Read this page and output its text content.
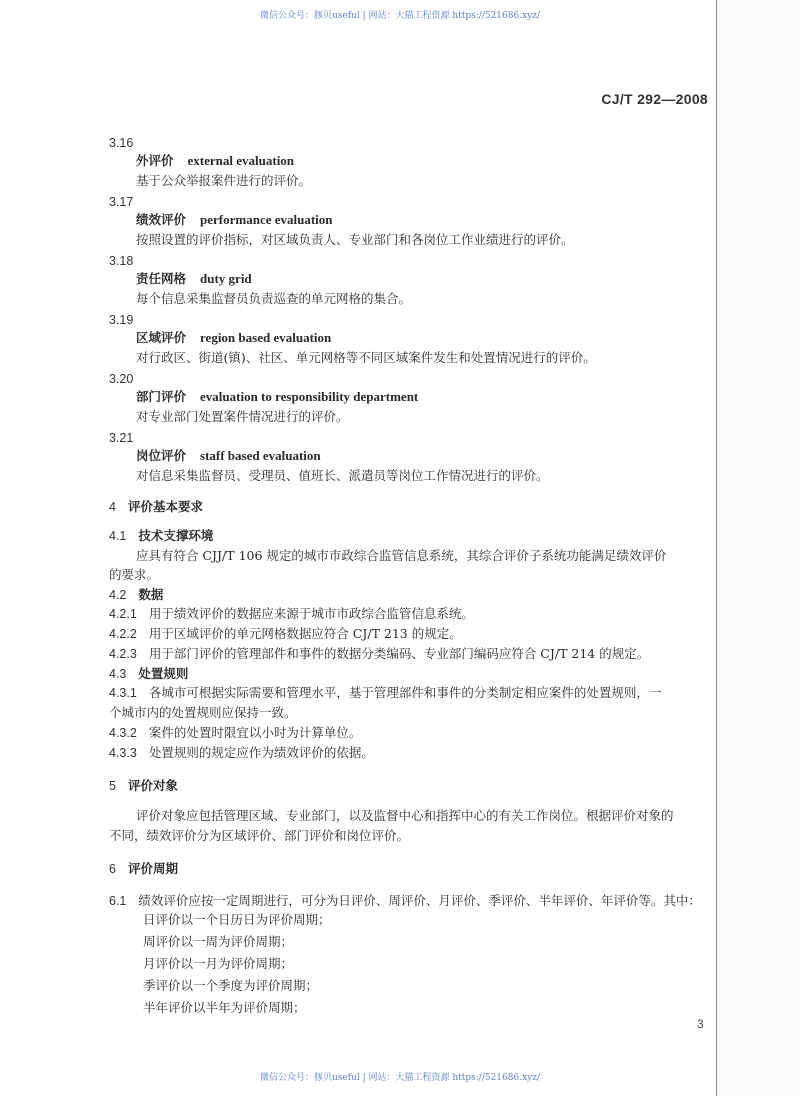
微信公众号：豚贝useful | 网站：大猫工程资源 https://521686.xyz/
CJ/T 292—2008
3.16
外评价 external evaluation
基于公众举报案件进行的评价。
3.17
绩效评价 performance evaluation
按照设置的评价指标，对区域负责人、专业部门和各岗位工作业绩进行的评价。
3.18
责任网格 duty grid
每个信息采集监督员负责巡查的单元网格的集合。
3.19
区域评价 region based evaluation
对行政区、街道(镇)、社区、单元网格等不同区域案件发生和处置情况进行的评价。
3.20
部门评价 evaluation to responsibility department
对专业部门处置案件情况进行的评价。
3.21
岗位评价 staff based evaluation
对信息采集监督员、受理员、值班长、派遣员等岗位工作情况进行的评价。
4 评价基本要求
4.1 技术支撑环境
应具有符合 CJJ/T 106 规定的城市市政综合监管信息系统，其综合评价子系统功能满足绩效评价
的要求。
4.2 数据
4.2.1 用于绩效评价的数据应来源于城市市政综合监管信息系统。
4.2.2 用于区域评价的单元网格数据应符合 CJ/T 213 的规定。
4.2.3 用于部门评价的管理部件和事件的数据分类编码、专业部门编码应符合 CJ/T 214 的规定。
4.3 处置规则
4.3.1 各城市可根据实际需要和管理水平，基于管理部件和事件的分类制定相应案件的处置规则，一
个城市内的处置规则应保持一致。
4.3.2 案件的处置时限宜以小时为计算单位。
4.3.3 处置规则的规定应作为绩效评价的依据。
5 评价对象
评价对象应包括管理区域、专业部门，以及监督中心和指挥中心的有关工作岗位。根据评价对象的
不同，绩效评价分为区域评价、部门评价和岗位评价。
6 评价周期
6.1 绩效评价应按一定周期进行，可分为日评价、周评价、月评价、季评价、半年评价、年评价等。其中：
日评价以一个日历日为评价周期；
周评价以一周为评价周期；
月评价以一月为评价周期；
季评价以一个季度为评价周期；
半年评价以半年为评价周期；
3
微信公众号：豚贝useful | 网站：大猫工程资源 https://521686.xyz/
